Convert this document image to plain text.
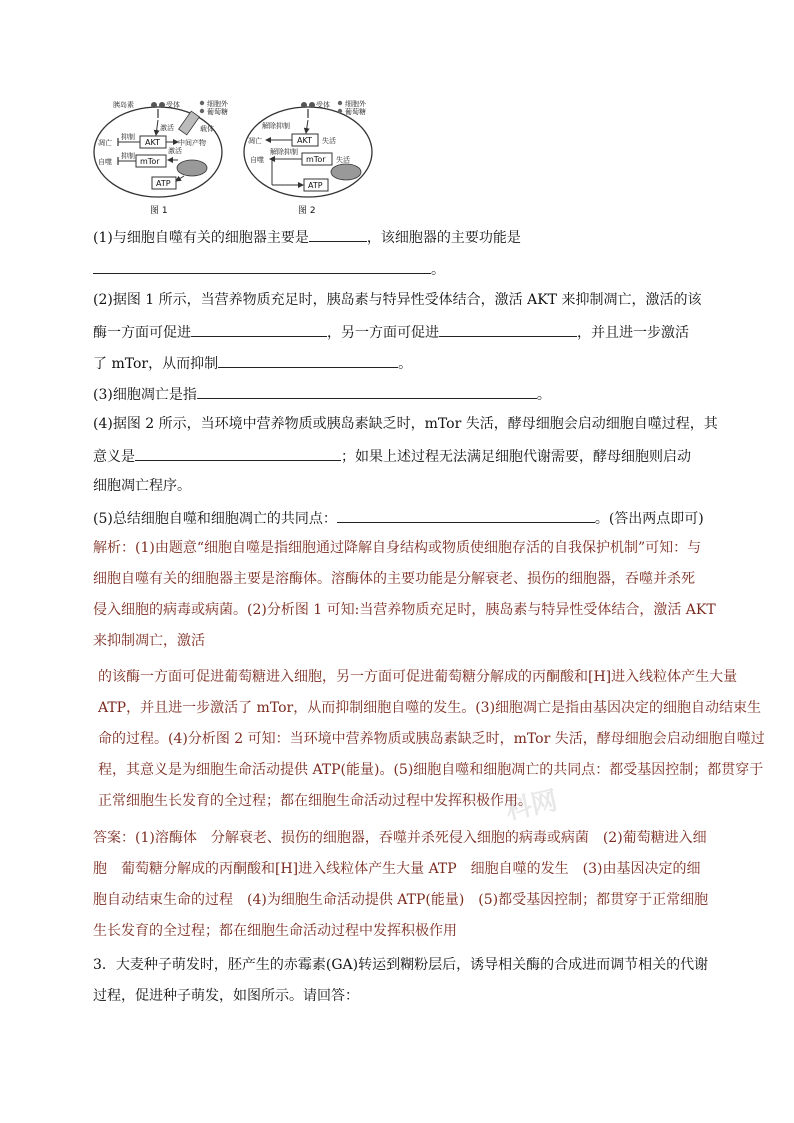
科网
胰岛素	受体	细胞外
葡萄糖
载体
凋亡
抑制
激活
AKT
激活
中间产物
自噬
抑制
mTor
ATP
图 1
受体 细胞外
葡萄糖
凋亡
解除抑制
AKT 失活
自噬
解除抑制
mTor 失活
ATP
图 2
(1)与细胞自噬有关的细胞器主要是	，该细胞器的主要功能是
。
(2)据图 1 所示，当营养物质充足时，胰岛素与特异性受体结合，激活 AKT 来抑制凋亡，激活的该
酶一方面可促进	，另一方面可促进	，并且进一步激活
了 mTor，从而抑制	。
(3)细胞凋亡是指	。
(4)据图 2 所示，当环境中营养物质或胰岛素缺乏时，mTor 失活，酵母细胞会启动细胞自噬过程，其
意义是	；如果上述过程无法满足细胞代谢需要，酵母细胞则启动
细胞凋亡程序。
(5)总结细胞自噬和细胞凋亡的共同点：	。(答出两点即可)
解析：(1)由题意“细胞自噬是指细胞通过降解自身结构或物质使细胞存活的自我保护机制”可知：与
细胞自噬有关的细胞器主要是溶酶体。溶酶体的主要功能是分解衰老、损伤的细胞器，吞噬并杀死
侵入细胞的病毒或病菌。(2)分析图 1 可知:当营养物质充足时，胰岛素与特异性受体结合，激活 AKT
来抑制凋亡，激活
的该酶一方面可促进葡萄糖进入细胞，另一方面可促进葡萄糖分解成的丙酮酸和[H]进入线粒体产生大量
ATP，并且进一步激活了 mTor，从而抑制细胞自噬的发生。(3)细胞凋亡是指由基因决定的细胞自动结束生
命的过程。(4)分析图 2 可知：当环境中营养物质或胰岛素缺乏时，mTor 失活，酵母细胞会启动细胞自噬过
程，其意义是为细胞生命活动提供 ATP(能量)。(5)细胞自噬和细胞凋亡的共同点：都受基因控制；都贯穿于
正常细胞生长发育的全过程；都在细胞生命活动过程中发挥积极作用。
答案：(1)溶酶体　分解衰老、损伤的细胞器，吞噬并杀死侵入细胞的病毒或病菌　(2)葡萄糖进入细
胞　葡萄糖分解成的丙酮酸和[H]进入线粒体产生大量 ATP　细胞自噬的发生　(3)由基因决定的细
胞自动结束生命的过程　(4)为细胞生命活动提供 ATP(能量)　(5)都受基因控制；都贯穿于正常细胞
生长发育的全过程；都在细胞生命活动过程中发挥积极作用
3．大麦种子萌发时，胚产生的赤霉素(GA)转运到糊粉层后，诱导相关酶的合成进而调节相关的代谢
过程，促进种子萌发，如图所示。请回答：
